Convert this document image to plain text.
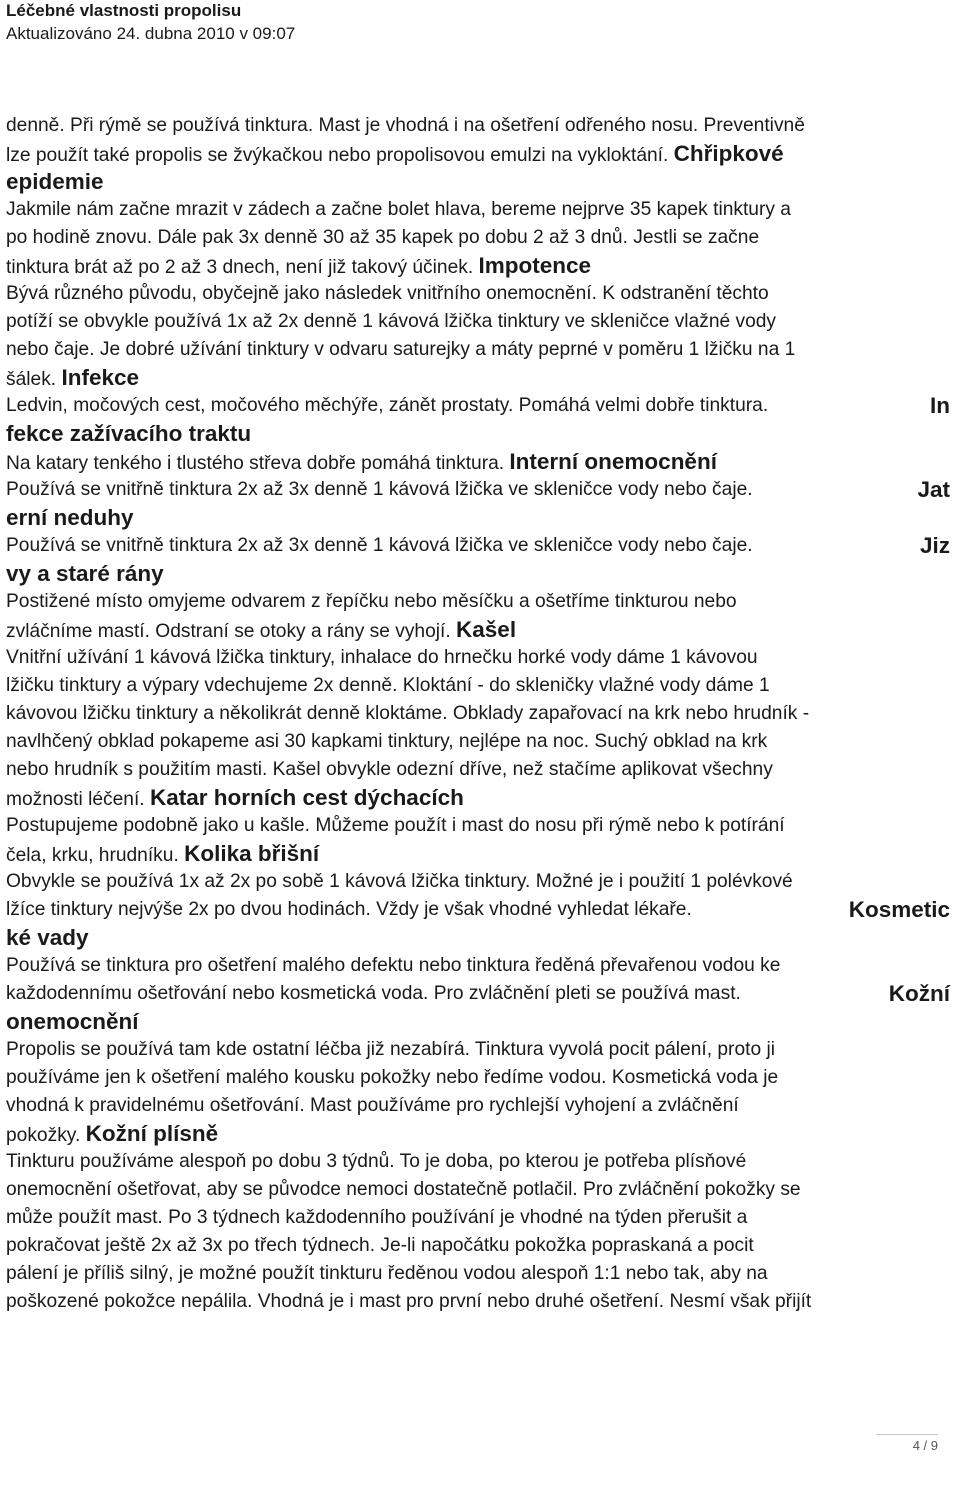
Léčebné vlastnosti propolisu
Aktualizováno 24. dubna 2010 v 09:07
denně. Při rýmě se používá tinktura. Mast je vhodná i na ošetření odřeného nosu. Preventivně
lze použít také propolis se žvýkačkou nebo propolisovou emulzi na vykloktání. Chřipkové
epidemie
Jakmile nám začne mrazit v zádech a začne bolet hlava, bereme nejprve 35 kapek tinktury a
po hodině znovu. Dále pak 3x denně 30 až 35 kapek po dobu 2 až 3 dnů. Jestli se začne
tinktura brát až po 2 až 3 dnech, není již takový účinek. Impotence
Bývá různého původu, obyčejně jako následek vnitřního onemocnění. K odstranění těchto
potíží se obvykle používá 1x až 2x denně 1 kávová lžička tinktury ve skleničce vlažné vody
nebo čaje. Je dobré užívání tinktury v odvaru saturejky a máty peprné v poměru 1 lžičku na 1
šálek. Infekce
Ledvin, močových cest, močového měchýře, zánět prostaty. Pomáhá velmi dobře tinktura.	In
fekce zažívacího traktu
Na katary tenkého i tlustého střeva dobře pomáhá tinktura. Interní onemocnění
Používá se vnitřně tinktura 2x až 3x denně 1 kávová lžička ve skleničce vody nebo čaje.	Jat
erní neduhy
Používá se vnitřně tinktura 2x až 3x denně 1 kávová lžička ve skleničce vody nebo čaje.	Jiz
vy a staré rány
Postižené místo omyjeme odvarem z řepíčku nebo měsíčku a ošetříme tinkturou nebo
zvláčníme mastí. Odstraní se otoky a rány se vyhojí. Kašel
Vnitřní užívání 1 kávová lžička tinktury, inhalace do hrnečku horké vody dáme 1 kávovou
lžičku tinktury a výpary vdechujeme 2x denně. Kloktání - do skleničky vlažné vody dáme 1
kávovou lžičku tinktury a několikrát denně kloktáme. Obklady zapařovací na krk nebo hrudník -
navlhčený obklad pokapeme asi 30 kapkami tinktury, nejlépe na noc. Suchý obklad na krk
nebo hrudník s použitím masti. Kašel obvykle odezní dříve, než stačíme aplikovat všechny
možnosti léčení. Katar horních cest dýchacích
Postupujeme podobně jako u kašle. Můžeme použít i mast do nosu při rýmě nebo k potírání
čela, krku, hrudníku. Kolika břišní
Obvykle se používá 1x až 2x po sobě 1 kávová lžička tinktury. Možné je i použití 1 polévkové
lžíce tinktury nejvýše 2x po dvou hodinách. Vždy je však vhodné vyhledat lékaře.	Kosmetic
ké vady
Používá se tinktura pro ošetření malého defektu nebo tinktura ředěná převařenou vodou ke
každodennímu ošetřování nebo kosmetická voda. Pro zvláčnění pleti se používá mast.	Kožní
onemocnění
Propolis se používá tam kde ostatní léčba již nezabírá. Tinktura vyvolá pocit pálení, proto ji
používáme jen k ošetření malého kousku pokožky nebo ředíme vodou. Kosmetická voda je
vhodná k pravidelnému ošetřování. Mast používáme pro rychlejší vyhojení a zvláčnění
pokožky. Kožní plísně
Tinkturu používáme alespoň po dobu 3 týdnů. To je doba, po kterou je potřeba plísňové
onemocnění ošetřovat, aby se původce nemoci dostatečně potlačil. Pro zvláčnění pokožky se
může použít mast. Po 3 týdnech každodenního používání je vhodné na týden přerušit a
pokračovat ještě 2x až 3x po třech týdnech. Je-li napočátku pokožka popraskaná a pocit
pálení je příliš silný, je možné použít tinkturu ředěnou vodou alespoň 1:1 nebo tak, aby na
poškozené pokožce nepálila. Vhodná je i mast pro první nebo druhé ošetření. Nesmí však přijít
4 / 9
